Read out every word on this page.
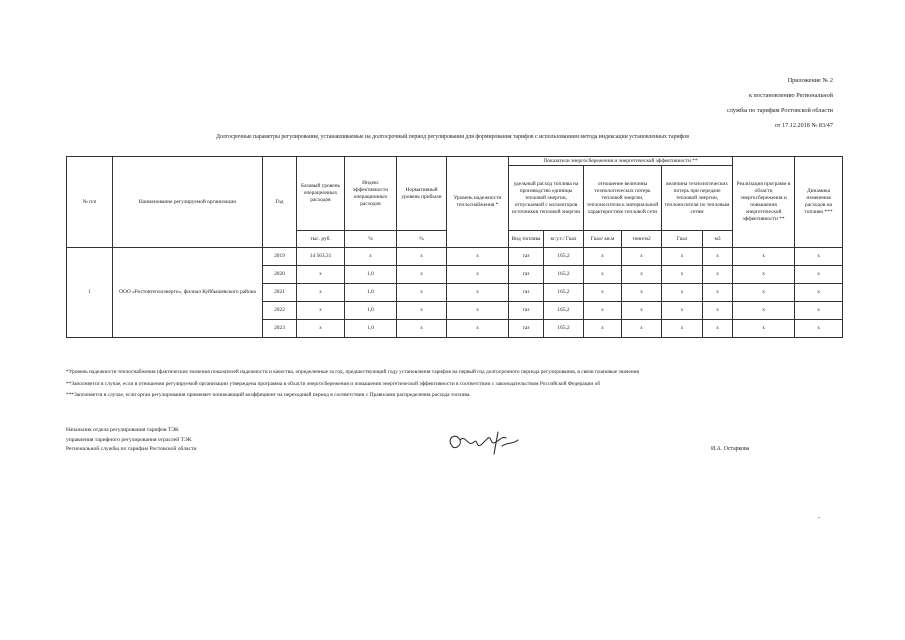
Приложение № 2
к постановлению Региональной
службы по тарифам Ростовской области
от 17.12.2018 № 83/47
Долгосрочные параметры регулирования, устанавливаемые на долгосрочный период регулирования для формирования тарифов с использованием метода индексации установленных тарифов
№ п/п	Наименование регулируемой организации	Год	Базовый уровень операционных расходов	Индекс эффективности операционных расходов	Нормативный уровень прибыли	Уровень надежности теплоснабжения *	Показатели энергосбережения и энергетической эффективности **						Реализация программ в области энергосбережения и повышения энергетической эффективности **	Динамика изменения расходов на топливо ***
							удельный расход топлива на производство единицы тепловой энергии, отпускаемой с коллекторов источников тепловой энергии		отношение величины технологических потерь тепловой энергии, теплоносителя к материальной характеристике тепловой сети		величина технологических потерь при передаче тепловой энергии, теплоносителя по тепловым сетям			
			тыс. руб.	%	%		Вид топлива	кг.у.т./ Гкал	Гкал/ кв.м	тонн/м2	Гкал	м3		
1	ООО «Ростовтеплоэнерго», филиал Куйбышевского района	2019	14 563,31	x	x	x	газ	165,2	x	x	x	x	x	x
		2020	x	1,0	x	x	газ	165,2	x	x	x	x	x	x
		2021	x	1,0	x	x	газ	165,2	x	x	x	x	x	x
		2022	x	1,0	x	x	газ	165,2	x	x	x	x	x	x
		2023	x	1,0	x	x	газ	165,2	x	x	x	x	x	x
*Уровень надежности теплоснабжения (фактические значения показателей надежности и качества, определенные за год, предшествующий году установления тарифов на первый год долгосрочного периода регулирования, в связи плановые значения
**Заполняется в случае, если в отношении регулируемой организации утверждена программа в области энергосбережения и повышения энергетической эффективности в соответствии с законодательством Российской Федерации об
***Заполняется в случае, если орган регулирования применяет понижающий коэффициент на переходный период в соответствии с Правилами распределения расхода топлива.
Начальник отдела регулирования тарифов ТЭК
управления тарифного регулирования отраслей ТЭК
Региональной службы по тарифам Ростовской области	И.А. Остаркова
